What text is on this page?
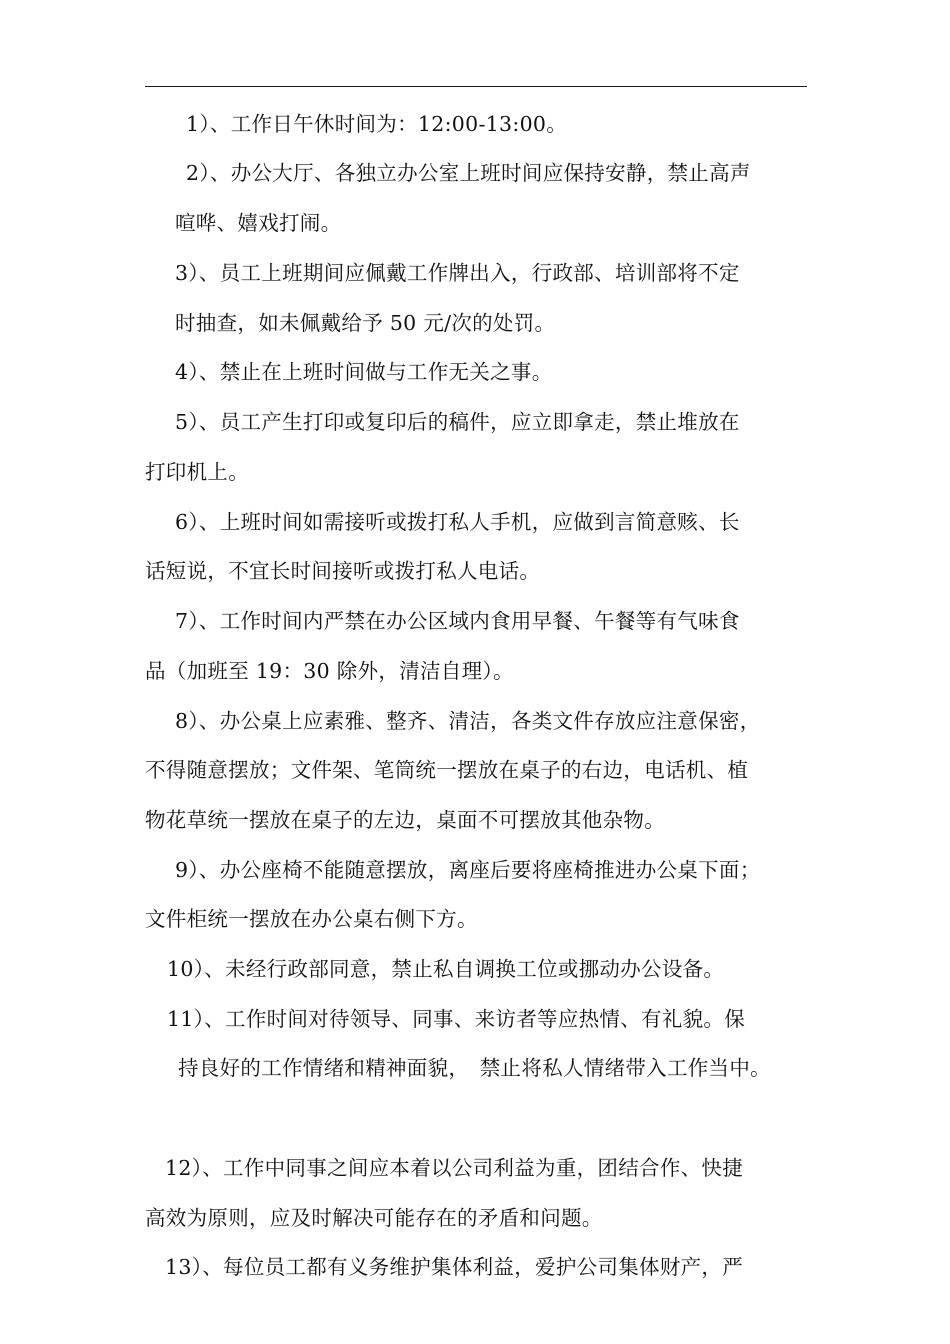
1）、工作日午休时间为：12:00-13:00。
2）、办公大厅、各独立办公室上班时间应保持安静，禁止高声
喧哗、嬉戏打闹。
3）、员工上班期间应佩戴工作牌出入，行政部、培训部将不定
时抽查，如未佩戴给予 50 元/次的处罚。
4）、禁止在上班时间做与工作无关之事。
5）、员工产生打印或复印后的稿件，应立即拿走，禁止堆放在
打印机上。
6）、上班时间如需接听或拨打私人手机，应做到言简意赅、长
话短说，不宜长时间接听或拨打私人电话。
7）、工作时间内严禁在办公区域内食用早餐、午餐等有气味食
品（加班至 19：30 除外，清洁自理）。
8）、办公桌上应素雅、整齐、清洁，各类文件存放应注意保密，
不得随意摆放；文件架、笔筒统一摆放在桌子的右边，电话机、植
物花草统一摆放在桌子的左边，桌面不可摆放其他杂物。
9）、办公座椅不能随意摆放，离座后要将座椅推进办公桌下面；
文件柜统一摆放在办公桌右侧下方。
10）、未经行政部同意，禁止私自调换工位或挪动办公设备。
11）、工作时间对待领导、同事、来访者等应热情、有礼貌。保
持良好的工作情绪和精神面貌，　禁止将私人情绪带入工作当中。
12）、工作中同事之间应本着以公司利益为重，团结合作、快捷
高效为原则，应及时解决可能存在的矛盾和问题。
13）、每位员工都有义务维护集体利益，爱护公司集体财产，严
